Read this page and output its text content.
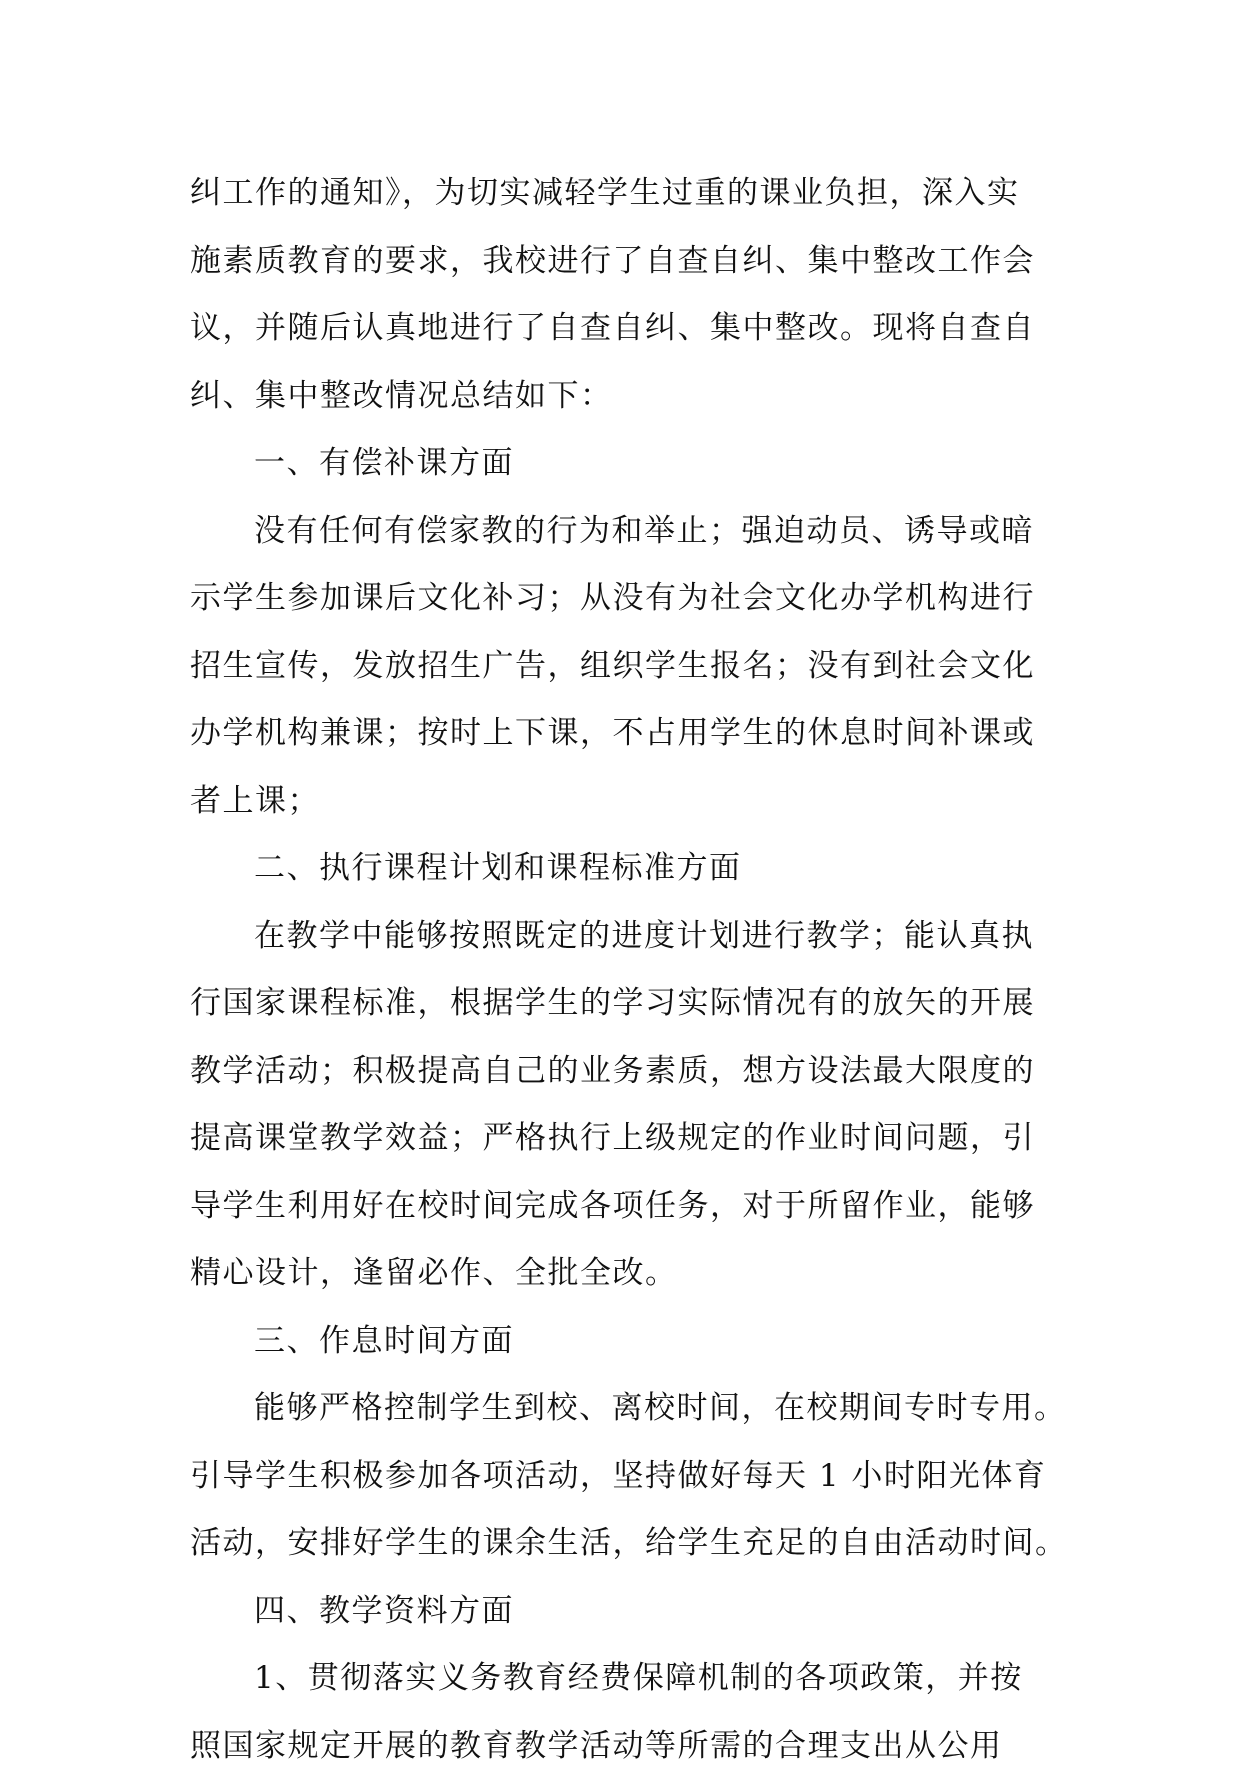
纠工作的通知》，为切实减轻学生过重的课业负担，深入实
施素质教育的要求，我校进行了自查自纠、集中整改工作会
议，并随后认真地进行了自查自纠、集中整改。现将自查自
纠、集中整改情况总结如下：
一、有偿补课方面
没有任何有偿家教的行为和举止；强迫动员、诱导或暗
示学生参加课后文化补习；从没有为社会文化办学机构进行
招生宣传，发放招生广告，组织学生报名；没有到社会文化
办学机构兼课；按时上下课，不占用学生的休息时间补课或
者上课；
二、执行课程计划和课程标准方面
在教学中能够按照既定的进度计划进行教学；能认真执
行国家课程标准，根据学生的学习实际情况有的放矢的开展
教学活动；积极提高自己的业务素质，想方设法最大限度的
提高课堂教学效益；严格执行上级规定的作业时间问题，引
导学生利用好在校时间完成各项任务，对于所留作业，能够
精心设计，逢留必作、全批全改。
三、作息时间方面
能够严格控制学生到校、离校时间，在校期间专时专用。
引导学生积极参加各项活动，坚持做好每天 1 小时阳光体育
活动，安排好学生的课余生活，给学生充足的自由活动时间。
四、教学资料方面
1、贯彻落实义务教育经费保障机制的各项政策，并按
照国家规定开展的教育教学活动等所需的合理支出从公用
